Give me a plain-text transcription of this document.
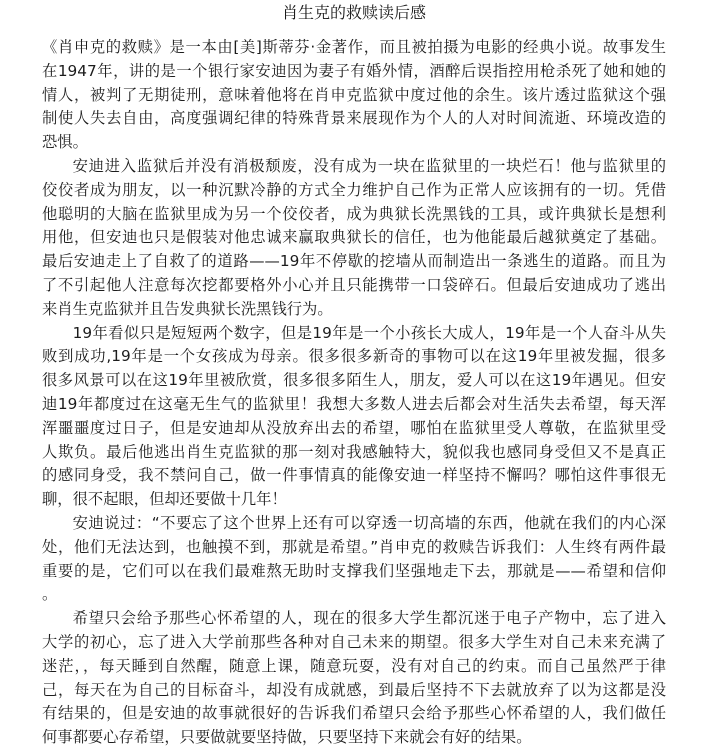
肖生克的救赎读后感
《肖申克的救赎》是一本由[美]斯蒂芬·金著作，而且被拍摄为电影的经典小说。故事发生
在1947年，讲的是一个银行家安迪因为妻子有婚外情，酒醉后误指控用枪杀死了她和她的
情人，被判了无期徒刑，意味着他将在肖申克监狱中度过他的余生。该片透过监狱这个强
制使人失去自由，高度强调纪律的特殊背景来展现作为个人的人对时间流逝、环境改造的
恐惧。
安迪进入监狱后并没有消极颓废，没有成为一块在监狱里的一块烂石！他与监狱里的
佼佼者成为朋友，以一种沉默冷静的方式全力维护自己作为正常人应该拥有的一切。凭借
他聪明的大脑在监狱里成为另一个佼佼者，成为典狱长洗黑钱的工具，或许典狱长是想利
用他，但安迪也只是假装对他忠诚来赢取典狱长的信任，也为他能最后越狱奠定了基础。
最后安迪走上了自救了的道路——19年不停歇的挖墙从而制造出一条逃生的道路。而且为
了不引起他人注意每次挖都要格外小心并且只能携带一口袋碎石。但最后安迪成功了逃出
来肖生克监狱并且告发典狱长洗黑钱行为。
19年看似只是短短两个数字，但是19年是一个小孩长大成人，19年是一个人奋斗从失
败到成功,19年是一个女孩成为母亲。很多很多新奇的事物可以在这19年里被发掘，很多
很多风景可以在这19年里被欣赏，很多很多陌生人，朋友，爱人可以在这19年遇见。但安
迪19年都度过在这毫无生气的监狱里！我想大多数人进去后都会对生活失去希望，每天浑
浑噩噩度过日子，但是安迪却从没放弃出去的希望，哪怕在监狱里受人尊敬，在监狱里受
人欺负。最后他逃出肖生克监狱的那一刻对我感触特大，貌似我也感同身受但又不是真正
的感同身受，我不禁问自己，做一件事情真的能像安迪一样坚持不懈吗？哪怕这件事很无
聊，很不起眼，但却还要做十几年！
安迪说过：“不要忘了这个世界上还有可以穿透一切高墙的东西，他就在我们的内心深
处，他们无法达到，也触摸不到，那就是希望。”肖申克的救赎告诉我们：人生终有两件最
重要的是，它们可以在我们最难熬无助时支撑我们坚强地走下去，那就是——希望和信仰
。
希望只会给予那些心怀希望的人，现在的很多大学生都沉迷于电子产物中，忘了进入
大学的初心，忘了进入大学前那些各种对自己未来的期望。很多大学生对自己未来充满了
迷茫，，每天睡到自然醒，随意上课，随意玩耍，没有对自己的约束。而自己虽然严于律
己，每天在为自己的目标奋斗，却没有成就感，到最后坚持不下去就放弃了以为这都是没
有结果的，但是安迪的故事就很好的告诉我们希望只会给予那些心怀希望的人，我们做任
何事都要心存希望，只要做就要坚持做，只要坚持下来就会有好的结果。
